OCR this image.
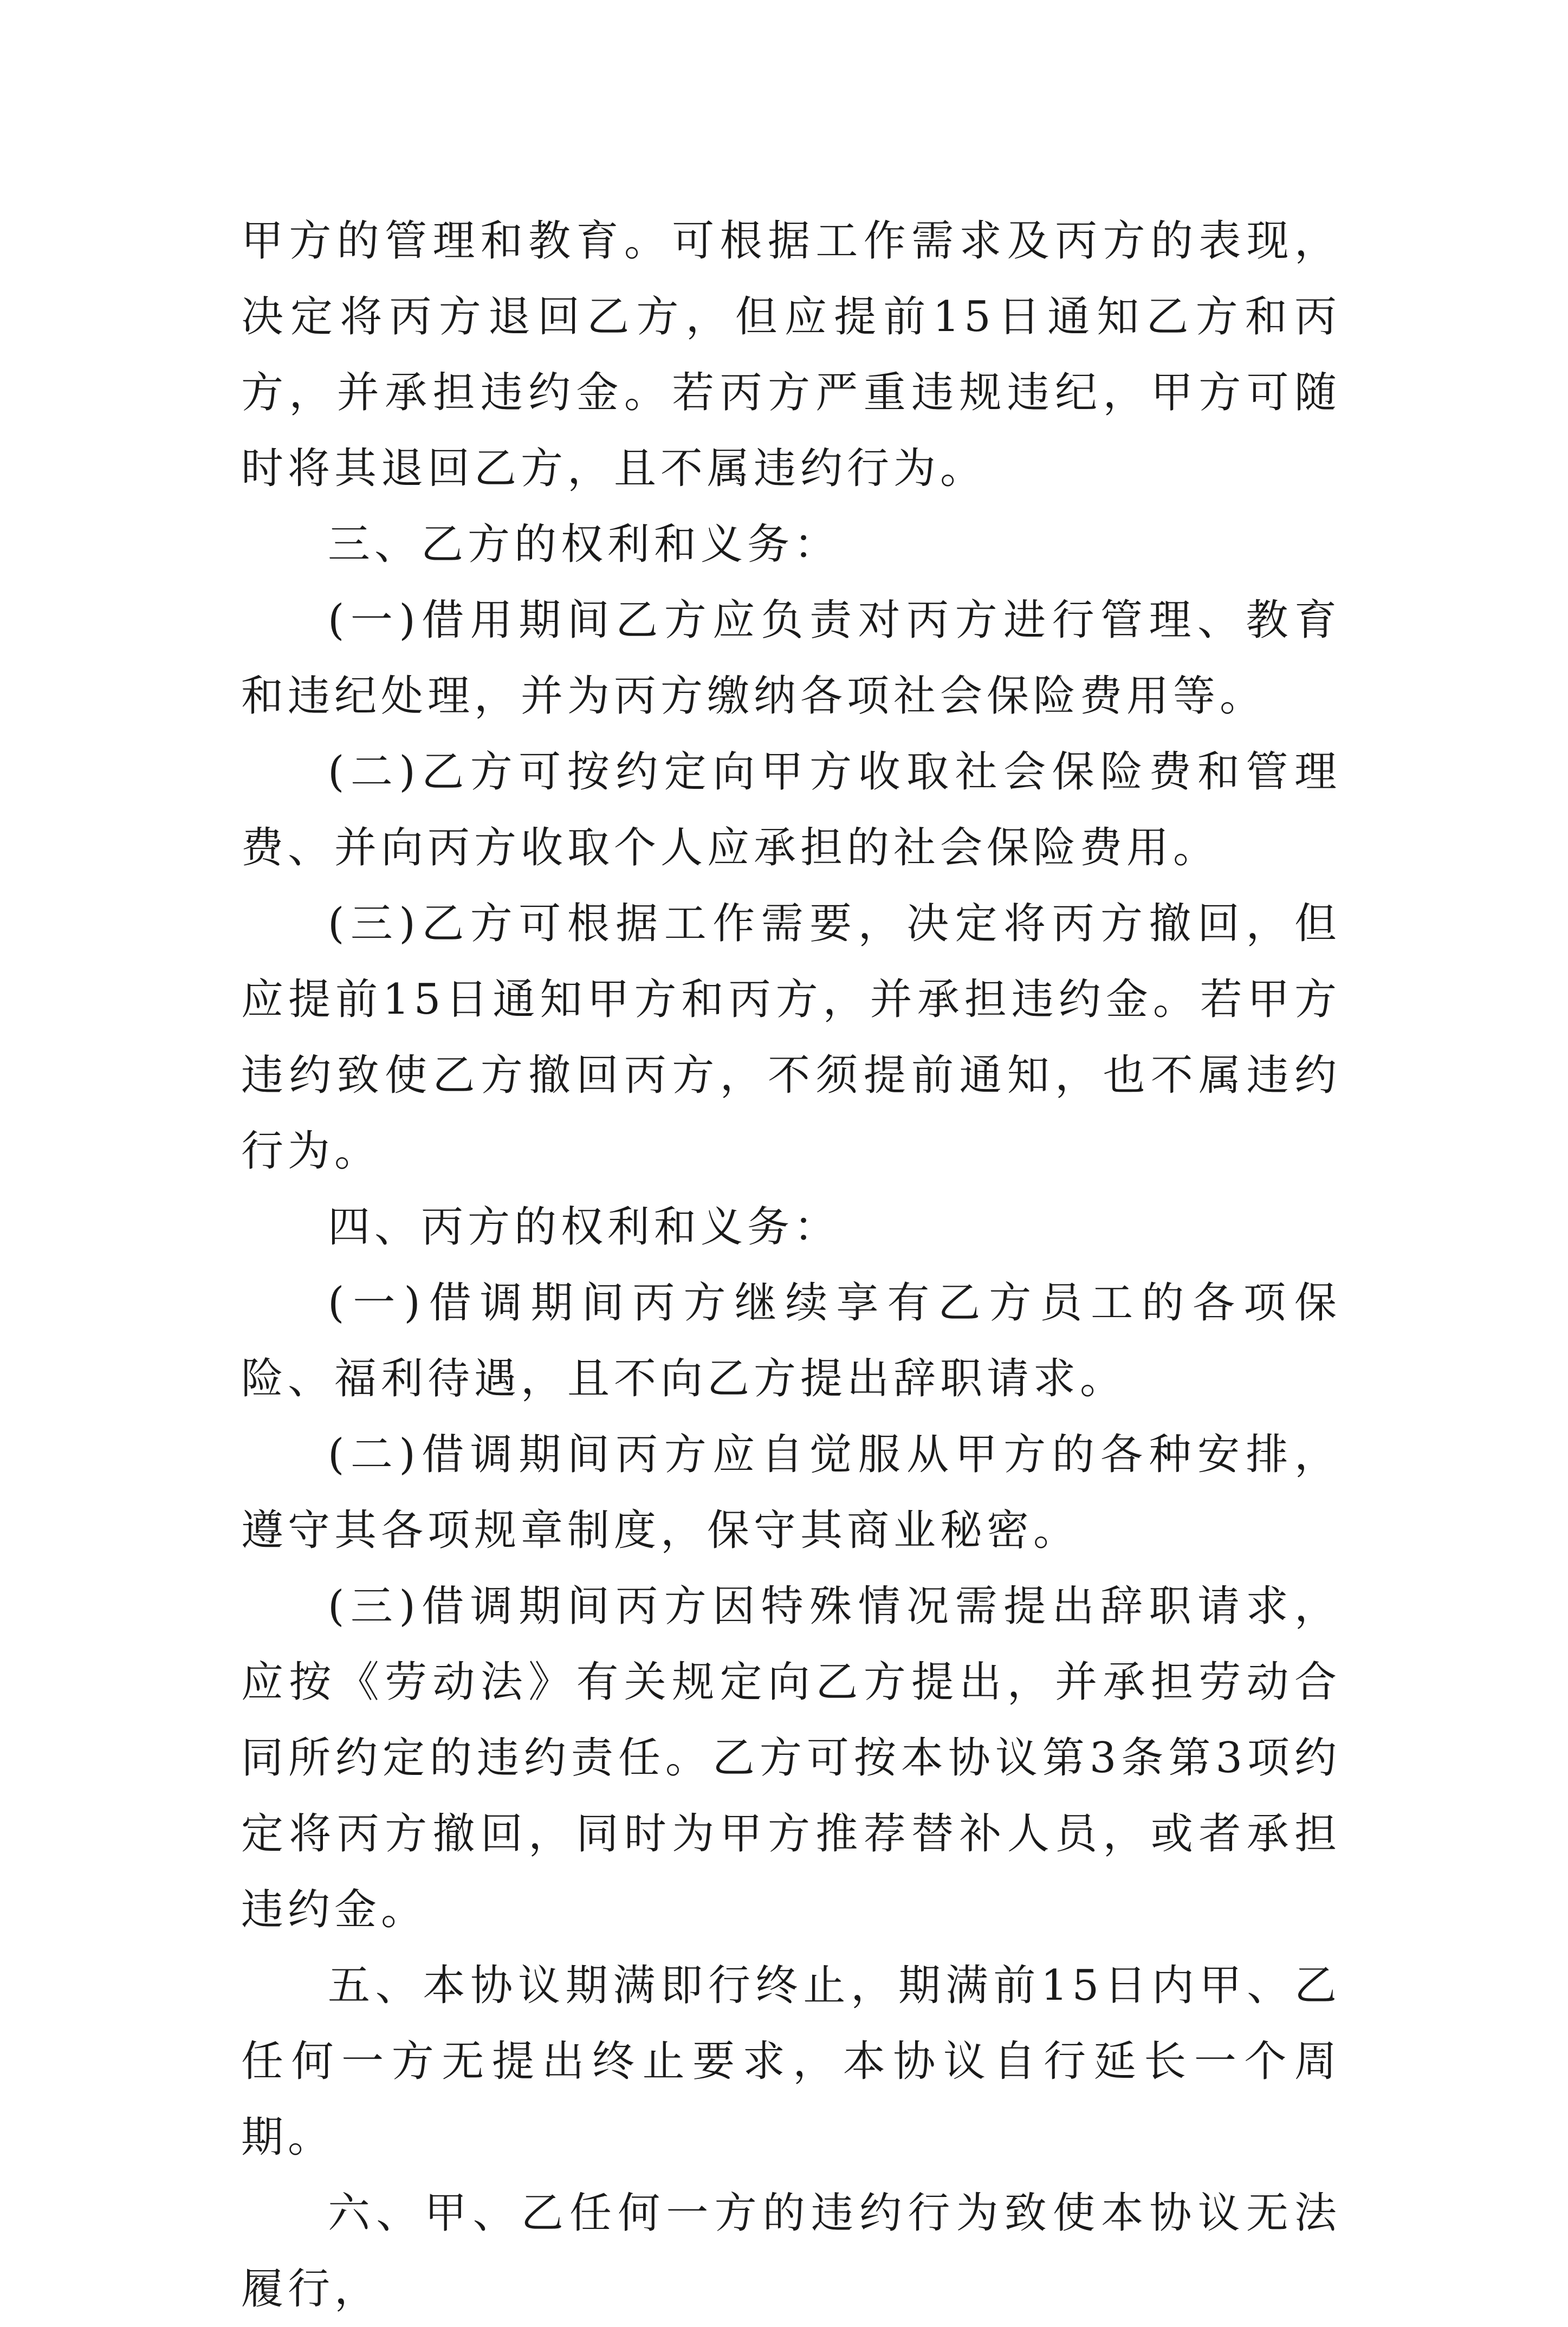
甲方的管理和教育。可根据工作需求及丙方的表现，决定将丙方退回乙方，但应提前15日通知乙方和丙方，并承担违约金。若丙方严重违规违纪，甲方可随时将其退回乙方，且不属违约行为。

三、乙方的权利和义务：

(一)借用期间乙方应负责对丙方进行管理、教育和违纪处理，并为丙方缴纳各项社会保险费用等。

(二)乙方可按约定向甲方收取社会保险费和管理费、并向丙方收取个人应承担的社会保险费用。

(三)乙方可根据工作需要，决定将丙方撤回，但应提前15日通知甲方和丙方，并承担违约金。若甲方违约致使乙方撤回丙方，不须提前通知，也不属违约行为。

四、丙方的权利和义务：

(一)借调期间丙方继续享有乙方员工的各项保险、福利待遇，且不向乙方提出辞职请求。

(二)借调期间丙方应自觉服从甲方的各种安排，遵守其各项规章制度，保守其商业秘密。

(三)借调期间丙方因特殊情况需提出辞职请求，应按《劳动法》有关规定向乙方提出，并承担劳动合同所约定的违约责任。乙方可按本协议第3条第3项约定将丙方撤回，同时为甲方推荐替补人员，或者承担违约金。

五、本协议期满即行终止，期满前15日内甲、乙任何一方无提出终止要求，本协议自行延长一个周期。

六、甲、乙任何一方的违约行为致使本协议无法履行，
